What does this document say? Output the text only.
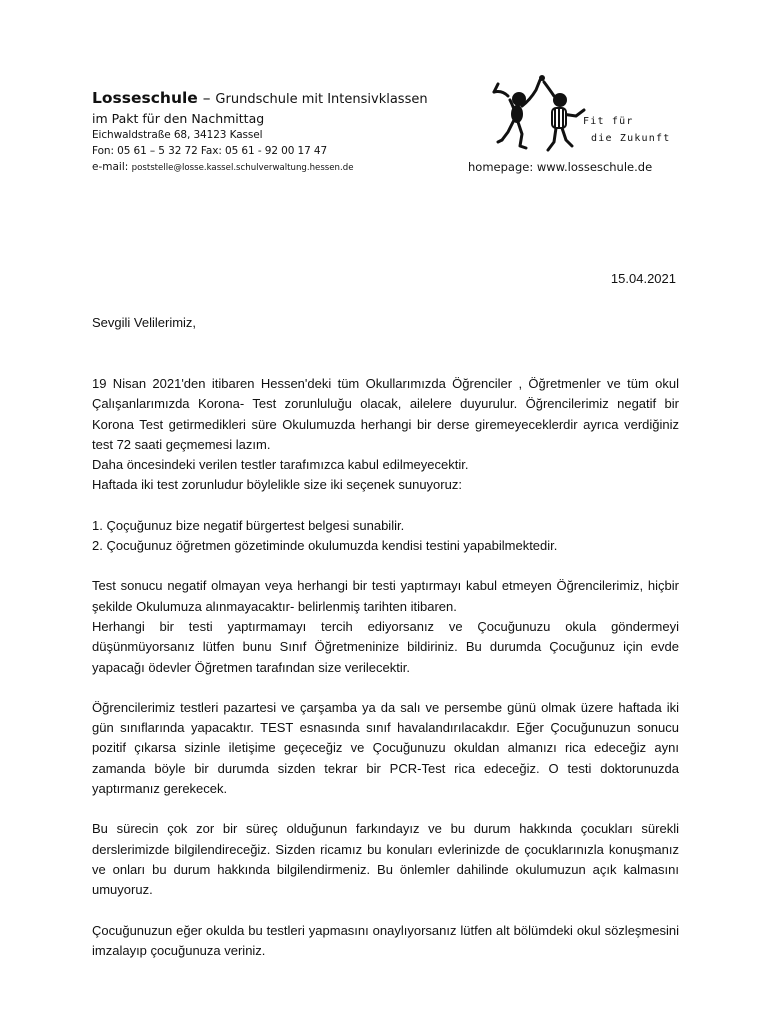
Losseschule – Grundschule mit Intensivklassen
im Pakt für den Nachmittag
Eichwaldstraße 68, 34123 Kassel
Fon: 05 61 – 5 32 72 Fax: 05 61 - 92 00 17 47
e-mail: poststelle@losse.kassel.schulverwaltung.hessen.de
Fit für
die Zukunft
homepage: www.losseschule.de
15.04.2021
Sevgili Velilerimiz,

19 Nisan 2021'den itibaren Hessen'deki tüm Okullarımızda Öğrenciler , Öğretmenler ve tüm okul Çalışanlarımızda Korona- Test zorunluluğu olacak, ailelere duyurulur. Öğrencilerimiz negatif bir Korona Test getirmedikleri süre Okulumuzda herhangi bir derse giremeyeceklerdir ayrıca verdiğiniz test 72 saati geçmemesi lazım.

Daha öncesindeki verilen testler tarafımızca kabul edilmeyecektir.

Haftada iki test zorunludur böylelikle size iki seçenek sunuyoruz:

1. Çoçuğunuz bize negatif bürgertest belgesi sunabilir.

2. Çocuğunuz öğretmen gözetiminde okulumuzda kendisi testini yapabilmektedir.

Test sonucu negatif olmayan veya herhangi bir testi yaptırmayı kabul etmeyen Öğrencilerimiz, hiçbir şekilde Okulumuza alınmayacaktır- belirlenmiş tarihten itibaren.

Herhangi bir testi yaptırmamayı tercih ediyorsanız ve Çocuğunuzu okula göndermeyi düşünmüyorsanız lütfen bunu Sınıf Öğretmeninize bildiriniz. Bu durumda Çocuğunuz için evde yapacağı ödevler Öğretmen tarafından size verilecektir.

Öğrencilerimiz testleri pazartesi ve çarşamba ya da salı ve persembe günü olmak üzere haftada iki gün sınıflarında yapacaktır. TEST esnasında sınıf havalandırılacakdır. Eğer Çocuğunuzun sonucu pozitif çıkarsa sizinle iletişime geçeceğiz ve Çocuğunuzu okuldan almanızı rica edeceğiz aynı zamanda böyle bir durumda sizden tekrar bir PCR-Test rica edeceğiz. O testi doktorunuzda yaptırmanız gerekecek.

Bu sürecin çok zor bir süreç olduğunun farkındayız ve bu durum hakkında çocukları sürekli derslerimizde bilgilendireceğiz. Sizden ricamız bu konuları evlerinizde de çocuklarınızla konuşmanız ve onları bu durum hakkında bilgilendirmeniz. Bu önlemler dahilinde okulumuzun açık kalmasını umuyoruz.

Çocuğunuzun eğer okulda bu testleri yapmasını onaylıyorsanız lütfen alt bölümdeki okul sözleşmesini imzalayıp çocuğunuza veriniz.
